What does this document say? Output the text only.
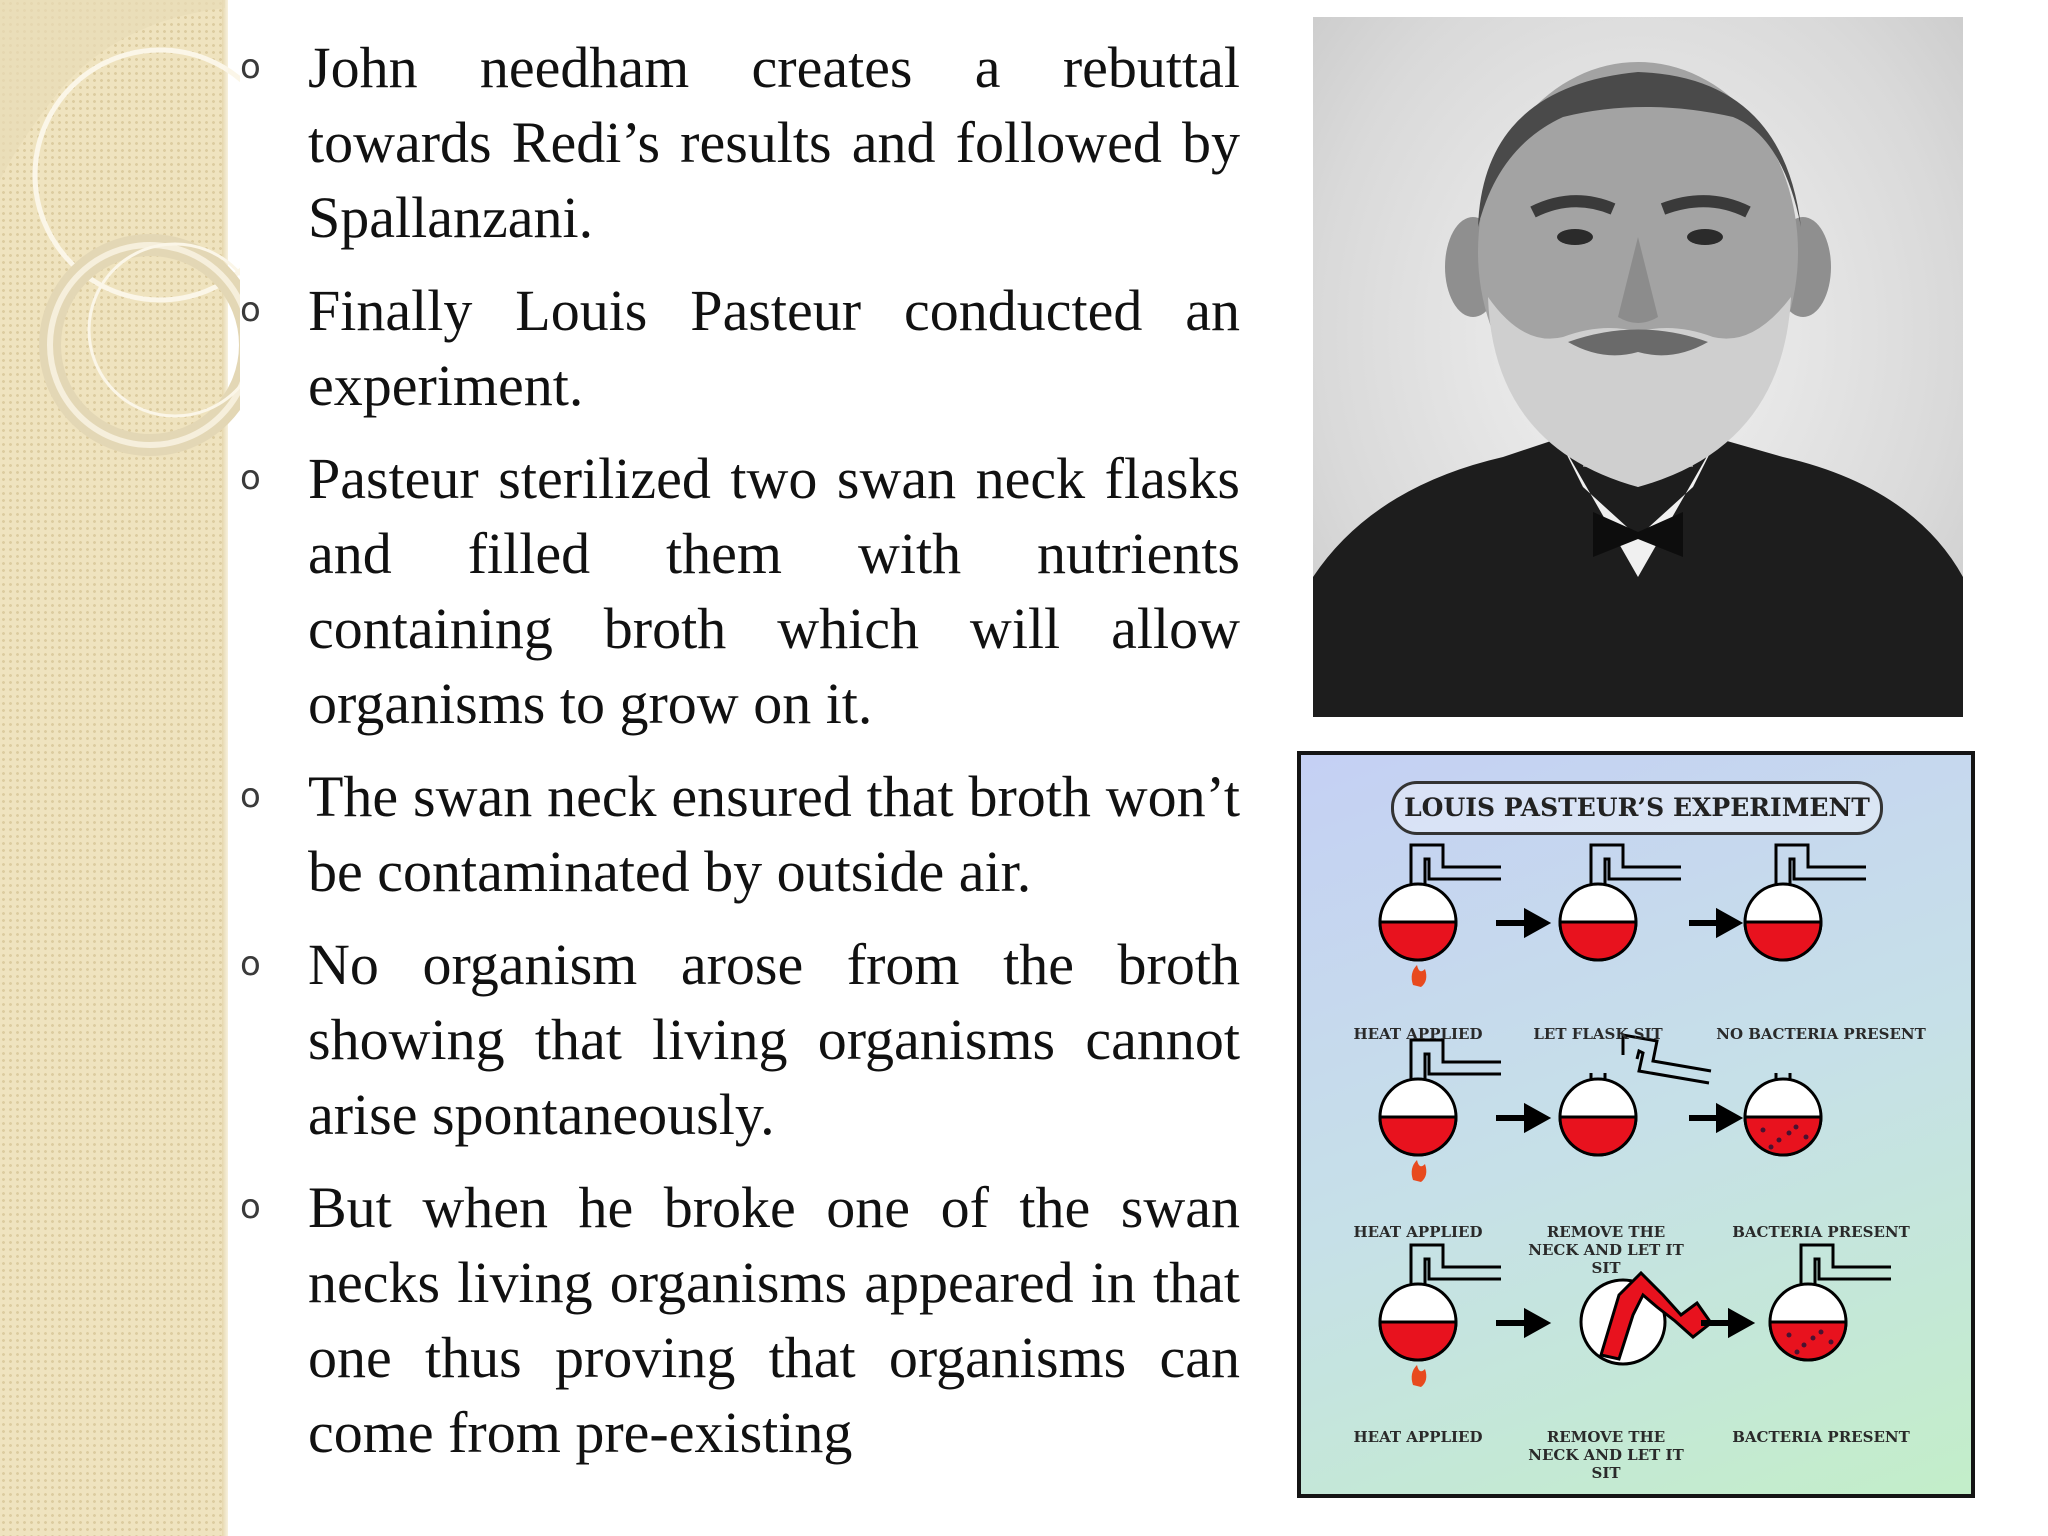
o John needham creates a rebuttal towards Redi’s results and followed by Spallanzani.
o Finally Louis Pasteur conducted an experiment.
o Pasteur sterilized two swan neck flasks and filled them with nutrients containing broth which will allow organisms to grow on it.
o The swan neck ensured that broth won’t be contaminated by outside air.
o No organism arose from the broth showing that living organisms cannot arise spontaneously.
o But when he broke one of the swan necks living organisms appeared in that one thus proving that organisms can come from pre-existing
LOUIS PASTEUR’S EXPERIMENT
HEAT APPLIED	LET FLASK SIT	NO BACTERIA PRESENT
HEAT APPLIED	REMOVE THE NECK AND LET IT SIT
BACTERIA PRESENT
HEAT APPLIED	REMOVE THE NECK AND LET IT SIT
BACTERIA PRESENT
